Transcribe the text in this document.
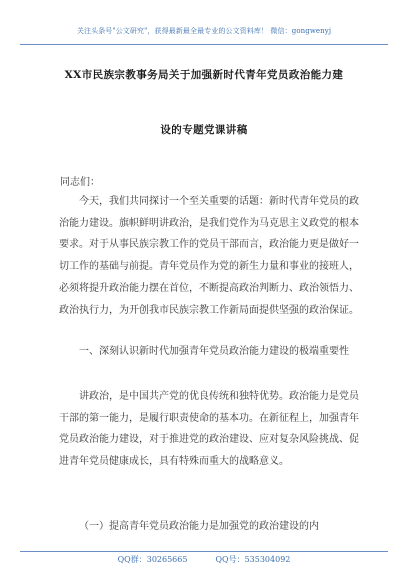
关注头条号"公文研究"，获得最新最全最专业的公文资料库！ 微信：gongwenyj
XX市民族宗教事务局关于加强新时代青年党员政治能力建
设的专题党课讲稿
同志们：

今天，我们共同探讨一个至关重要的话题：新时代青年党员的政治能力建设。旗帜鲜明讲政治，是我们党作为马克思主义政党的根本要求。对于从事民族宗教工作的党员干部而言，政治能力更是做好一切工作的基础与前提。青年党员作为党的新生力量和事业的接班人，必须将提升政治能力摆在首位，不断提高政治判断力、政治领悟力、政治执行力，为开创我市民族宗教工作新局面提供坚强的政治保证。

一、深刻认识新时代加强青年党员政治能力建设的极端重要性

讲政治，是中国共产党的优良传统和独特优势。政治能力是党员干部的第一能力，是履行职责使命的基本功。在新征程上，加强青年党员政治能力建设，对于推进党的政治建设、应对复杂风险挑战、促进青年党员健康成长，具有特殊而重大的战略意义。

（一）提高青年党员政治能力是加强党的政治建设的内

QQ群：30265665	QQ号：535304092
